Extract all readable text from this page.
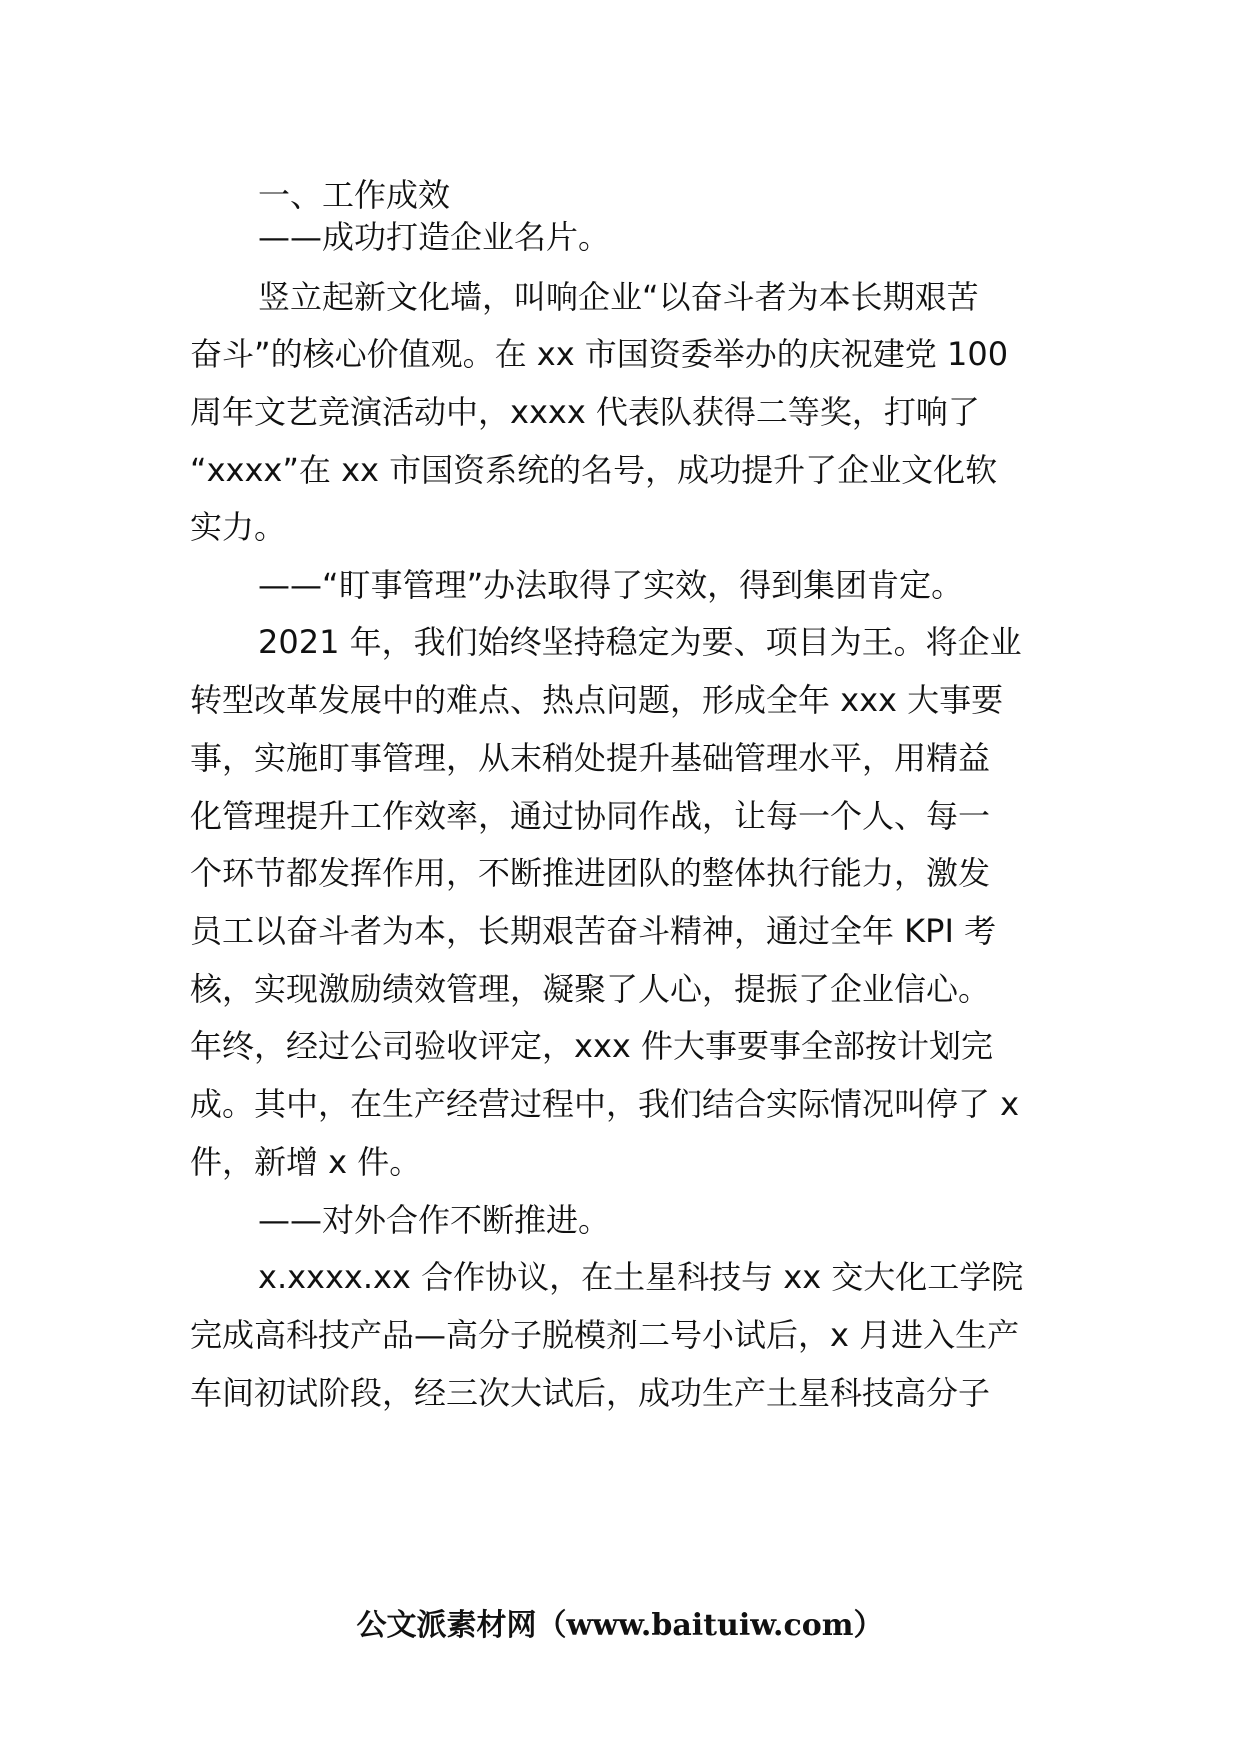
一、工作成效
——成功打造企业名片。
竖立起新文化墙，叫响企业“以奋斗者为本长期艰苦
奋斗”的核心价值观。在 xx 市国资委举办的庆祝建党 100
周年文艺竞演活动中，xxxx 代表队获得二等奖，打响了
“xxxx”在 xx 市国资系统的名号，成功提升了企业文化软
实力。
——“盯事管理”办法取得了实效，得到集团肯定。
2021 年，我们始终坚持稳定为要、项目为王。将企业
转型改革发展中的难点、热点问题，形成全年 xxx 大事要
事，实施盯事管理，从末稍处提升基础管理水平，用精益
化管理提升工作效率，通过协同作战，让每一个人、每一
个环节都发挥作用，不断推进团队的整体执行能力，激发
员工以奋斗者为本，长期艰苦奋斗精神，通过全年 KPI 考
核，实现激励绩效管理，凝聚了人心，提振了企业信心。
年终，经过公司验收评定，xxx 件大事要事全部按计划完
成。其中，在生产经营过程中，我们结合实际情况叫停了 x
件，新增 x 件。
——对外合作不断推进。
x.xxxx.xx 合作协议，在土星科技与 xx 交大化工学院
完成高科技产品—高分子脱模剂二号小试后，x 月进入生产
车间初试阶段，经三次大试后，成功生产土星科技高分子
公文派素材网（www.baituiw.com）
